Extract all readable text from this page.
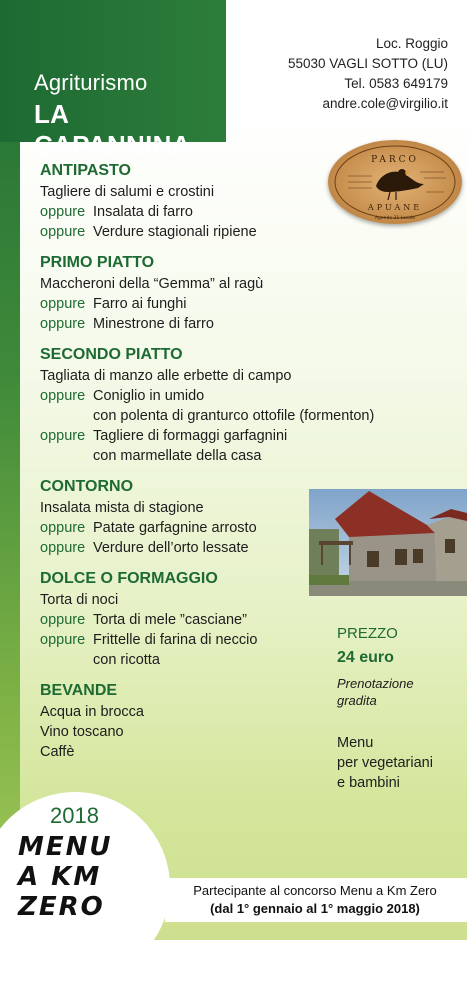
Agriturismo
LA CAPANNINA
Loc. Roggio
55030 VAGLI SOTTO (LU)
Tel. 0583 649179
andre.cole@virgilio.it
PARCO
APUANE
Agenda 21 Locale
ANTIPASTO
Tagliere di salumi e crostini
oppure Insalata di farro
oppure Verdure stagionali ripiene
PRIMO PIATTO
Maccheroni della “Gemma” al ragù
oppure Farro ai funghi
oppure Minestrone di farro
SECONDO PIATTO
Tagliata di manzo alle erbette di campo
oppure Coniglio in umido
con polenta di granturco ottofile (formenton)
oppure Tagliere di formaggi garfagnini
con marmellate della casa
CONTORNO
Insalata mista di stagione
oppure Patate garfagnine arrosto
oppure Verdure dell’orto lessate
DOLCE O FORMAGGIO
Torta di noci
oppure Torta di mele ”casciane”
oppure Frittelle di farina di neccio
con ricotta
BEVANDE
Acqua in brocca
Vino toscano
Caffè
PREZZO
24 euro
Prenotazione
gradita
Menu
per vegetariani
e bambini
2018
MENU
A KM
ZERO
Partecipante al concorso Menu a Km Zero
(dal 1° gennaio al 1° maggio 2018)
